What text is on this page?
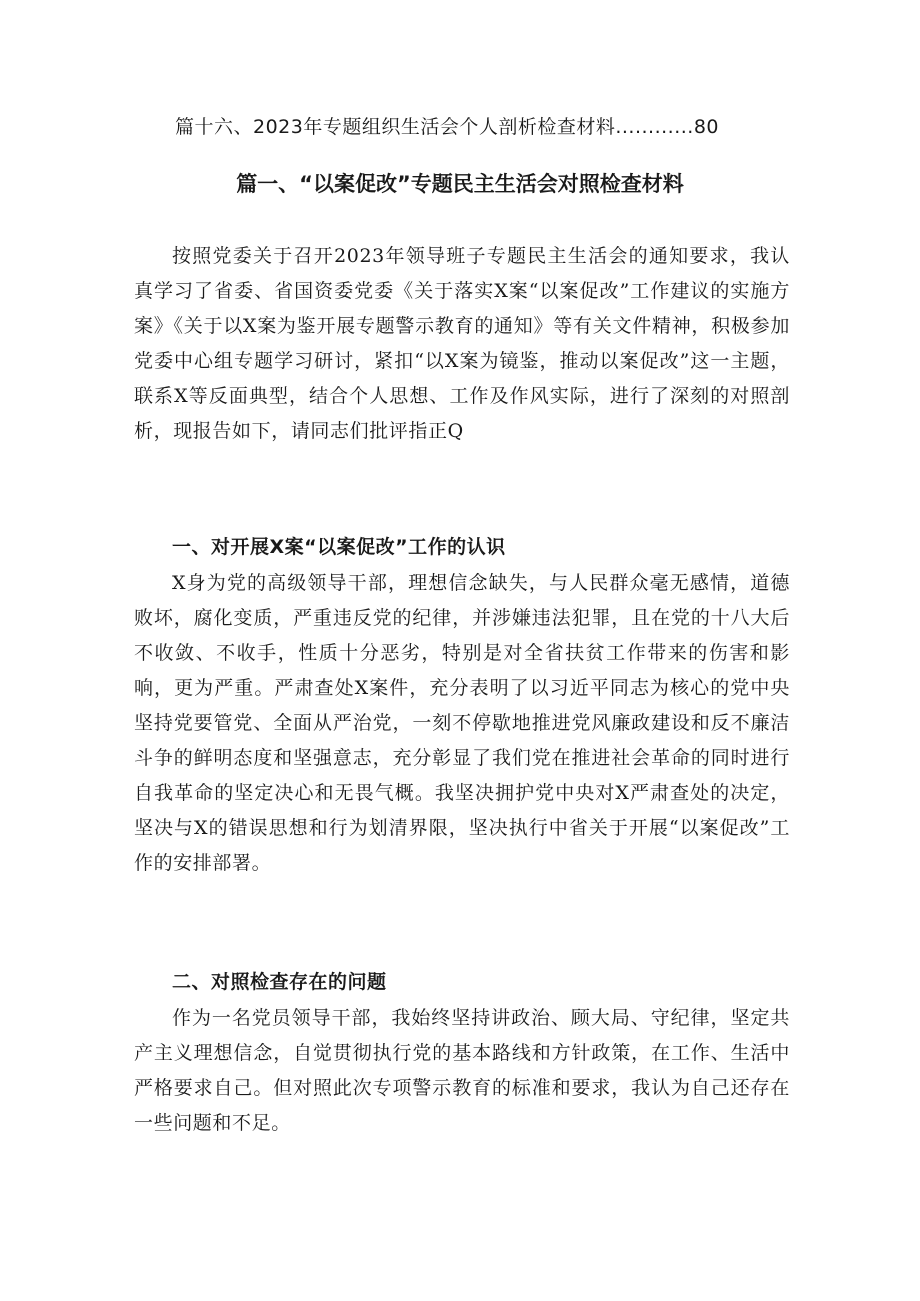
篇十六、2023年专题组织生活会个人剖析检查材料............80
篇一、“以案促改”专题民主生活会对照检查材料

按照党委关于召开2023年领导班子专题民主生活会的通知要求，我认真学习了省委、省国资委党委《关于落实X案“以案促改”工作建议的实施方案》《关于以X案为鉴开展专题警示教育的通知》等有关文件精神，积极参加党委中心组专题学习研讨，紧扣“以X案为镜鉴，推动以案促改”这一主题，联系X等反面典型，结合个人思想、工作及作风实际，进行了深刻的对照剖析，现报告如下，请同志们批评指正Q

一、对开展X案“以案促改”工作的认识

X身为党的高级领导干部，理想信念缺失，与人民群众毫无感情，道德败坏，腐化变质，严重违反党的纪律，并涉嫌违法犯罪，且在党的十八大后不收敛、不收手，性质十分恶劣，特别是对全省扶贫工作带来的伤害和影响，更为严重。严肃查处X案件，充分表明了以习近平同志为核心的党中央坚持党要管党、全面从严治党，一刻不停歇地推进党风廉政建设和反不廉洁斗争的鲜明态度和坚强意志，充分彰显了我们党在推进社会革命的同时进行自我革命的坚定决心和无畏气概。我坚决拥护党中央对X严肃查处的决定，坚决与X的错误思想和行为划清界限，坚决执行中省关于开展“以案促改”工作的安排部署。

二、对照检查存在的问题

作为一名党员领导干部，我始终坚持讲政治、顾大局、守纪律，坚定共产主义理想信念，自觉贯彻执行党的基本路线和方针政策，在工作、生活中严格要求自己。但对照此次专项警示教育的标准和要求，我认为自己还存在一些问题和不足。
